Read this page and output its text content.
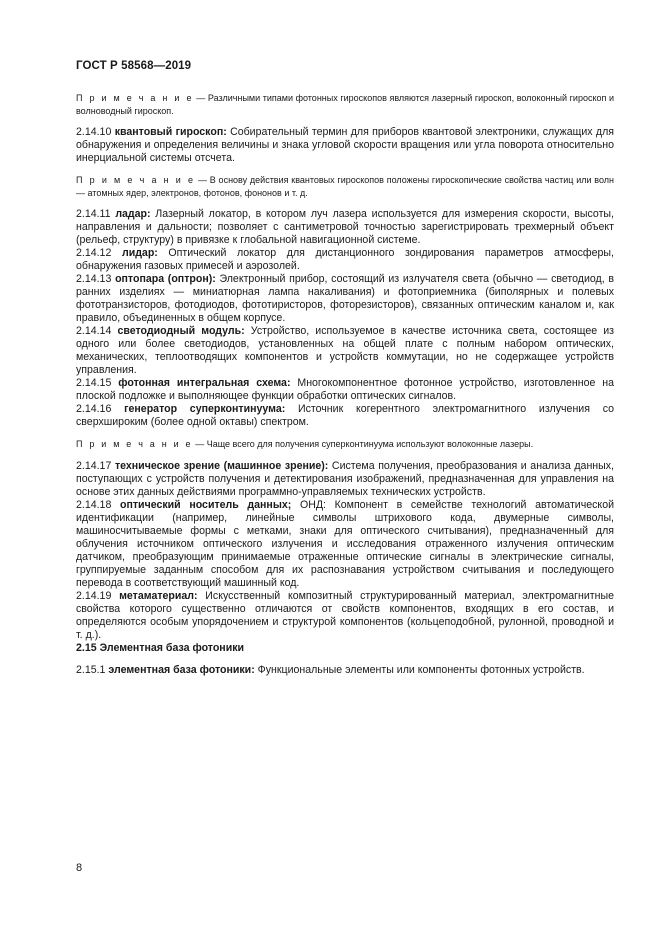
ГОСТ Р 58568—2019

П р и м е ч а н и е — Различными типами фотонных гироскопов являются лазерный гироскоп, волоконный гироскоп и волноводный гироскоп.

2.14.10 квантовый гироскоп: Собирательный термин для приборов квантовой электроники, служащих для обнаружения и определения величины и знака угловой скорости вращения или угла поворота относительно инерциальной системы отсчета.

П р и м е ч а н и е — В основу действия квантовых гироскопов положены гироскопические свойства частиц или волн — атомных ядер, электронов, фотонов, фононов и т. д.

2.14.11 ладар: Лазерный локатор, в котором луч лазера используется для измерения скорости, высоты, направления и дальности; позволяет с сантиметровой точностью зарегистрировать трехмерный объект (рельеф, структуру) в привязке к глобальной навигационной системе.

2.14.12 лидар: Оптический локатор для дистанционного зондирования параметров атмосферы, обнаружения газовых примесей и аэрозолей.

2.14.13 оптопара (оптрон): Электронный прибор, состоящий из излучателя света (обычно — светодиод, в ранних изделиях — миниатюрная лампа накаливания) и фотоприемника (биполярных и полевых фототранзисторов, фотодиодов, фототиристоров, фоторезисторов), связанных оптическим каналом и, как правило, объединенных в общем корпусе.

2.14.14 светодиодный модуль: Устройство, используемое в качестве источника света, состоящее из одного или более светодиодов, установленных на общей плате с полным набором оптических, механических, теплоотводящих компонентов и устройств коммутации, но не содержащее устройств управления.

2.14.15 фотонная интегральная схема: Многокомпонентное фотонное устройство, изготовленное на плоской подложке и выполняющее функции обработки оптических сигналов.

2.14.16 генератор суперконтинуума: Источник когерентного электромагнитного излучения со сверхшироким (более одной октавы) спектром.

П р и м е ч а н и е — Чаще всего для получения суперконтинуума используют волоконные лазеры.

2.14.17 техническое зрение (машинное зрение): Система получения, преобразования и анализа данных, поступающих с устройств получения и детектирования изображений, предназначенная для управления на основе этих данных действиями программно-управляемых технических устройств.

2.14.18 оптический носитель данных; ОНД: Компонент в семействе технологий автоматической идентификации (например, линейные символы штрихового кода, двумерные символы, машиносчитываемые формы с метками, знаки для оптического считывания), предназначенный для облучения источником оптического излучения и исследования отраженного излучения оптическим датчиком, преобразующим принимаемые отраженные оптические сигналы в электрические сигналы, группируемые заданным способом для их распознавания устройством считывания и последующего перевода в соответствующий машинный код.

2.14.19 метаматериал: Искусственный композитный структурированный материал, электромагнитные свойства которого существенно отличаются от свойств компонентов, входящих в его состав, и определяются особым упорядочением и структурой компонентов (кольцеподобной, рулонной, проводной и т. д.).

2.15 Элементная база фотоники

2.15.1 элементная база фотоники: Функциональные элементы или компоненты фотонных устройств.

8
